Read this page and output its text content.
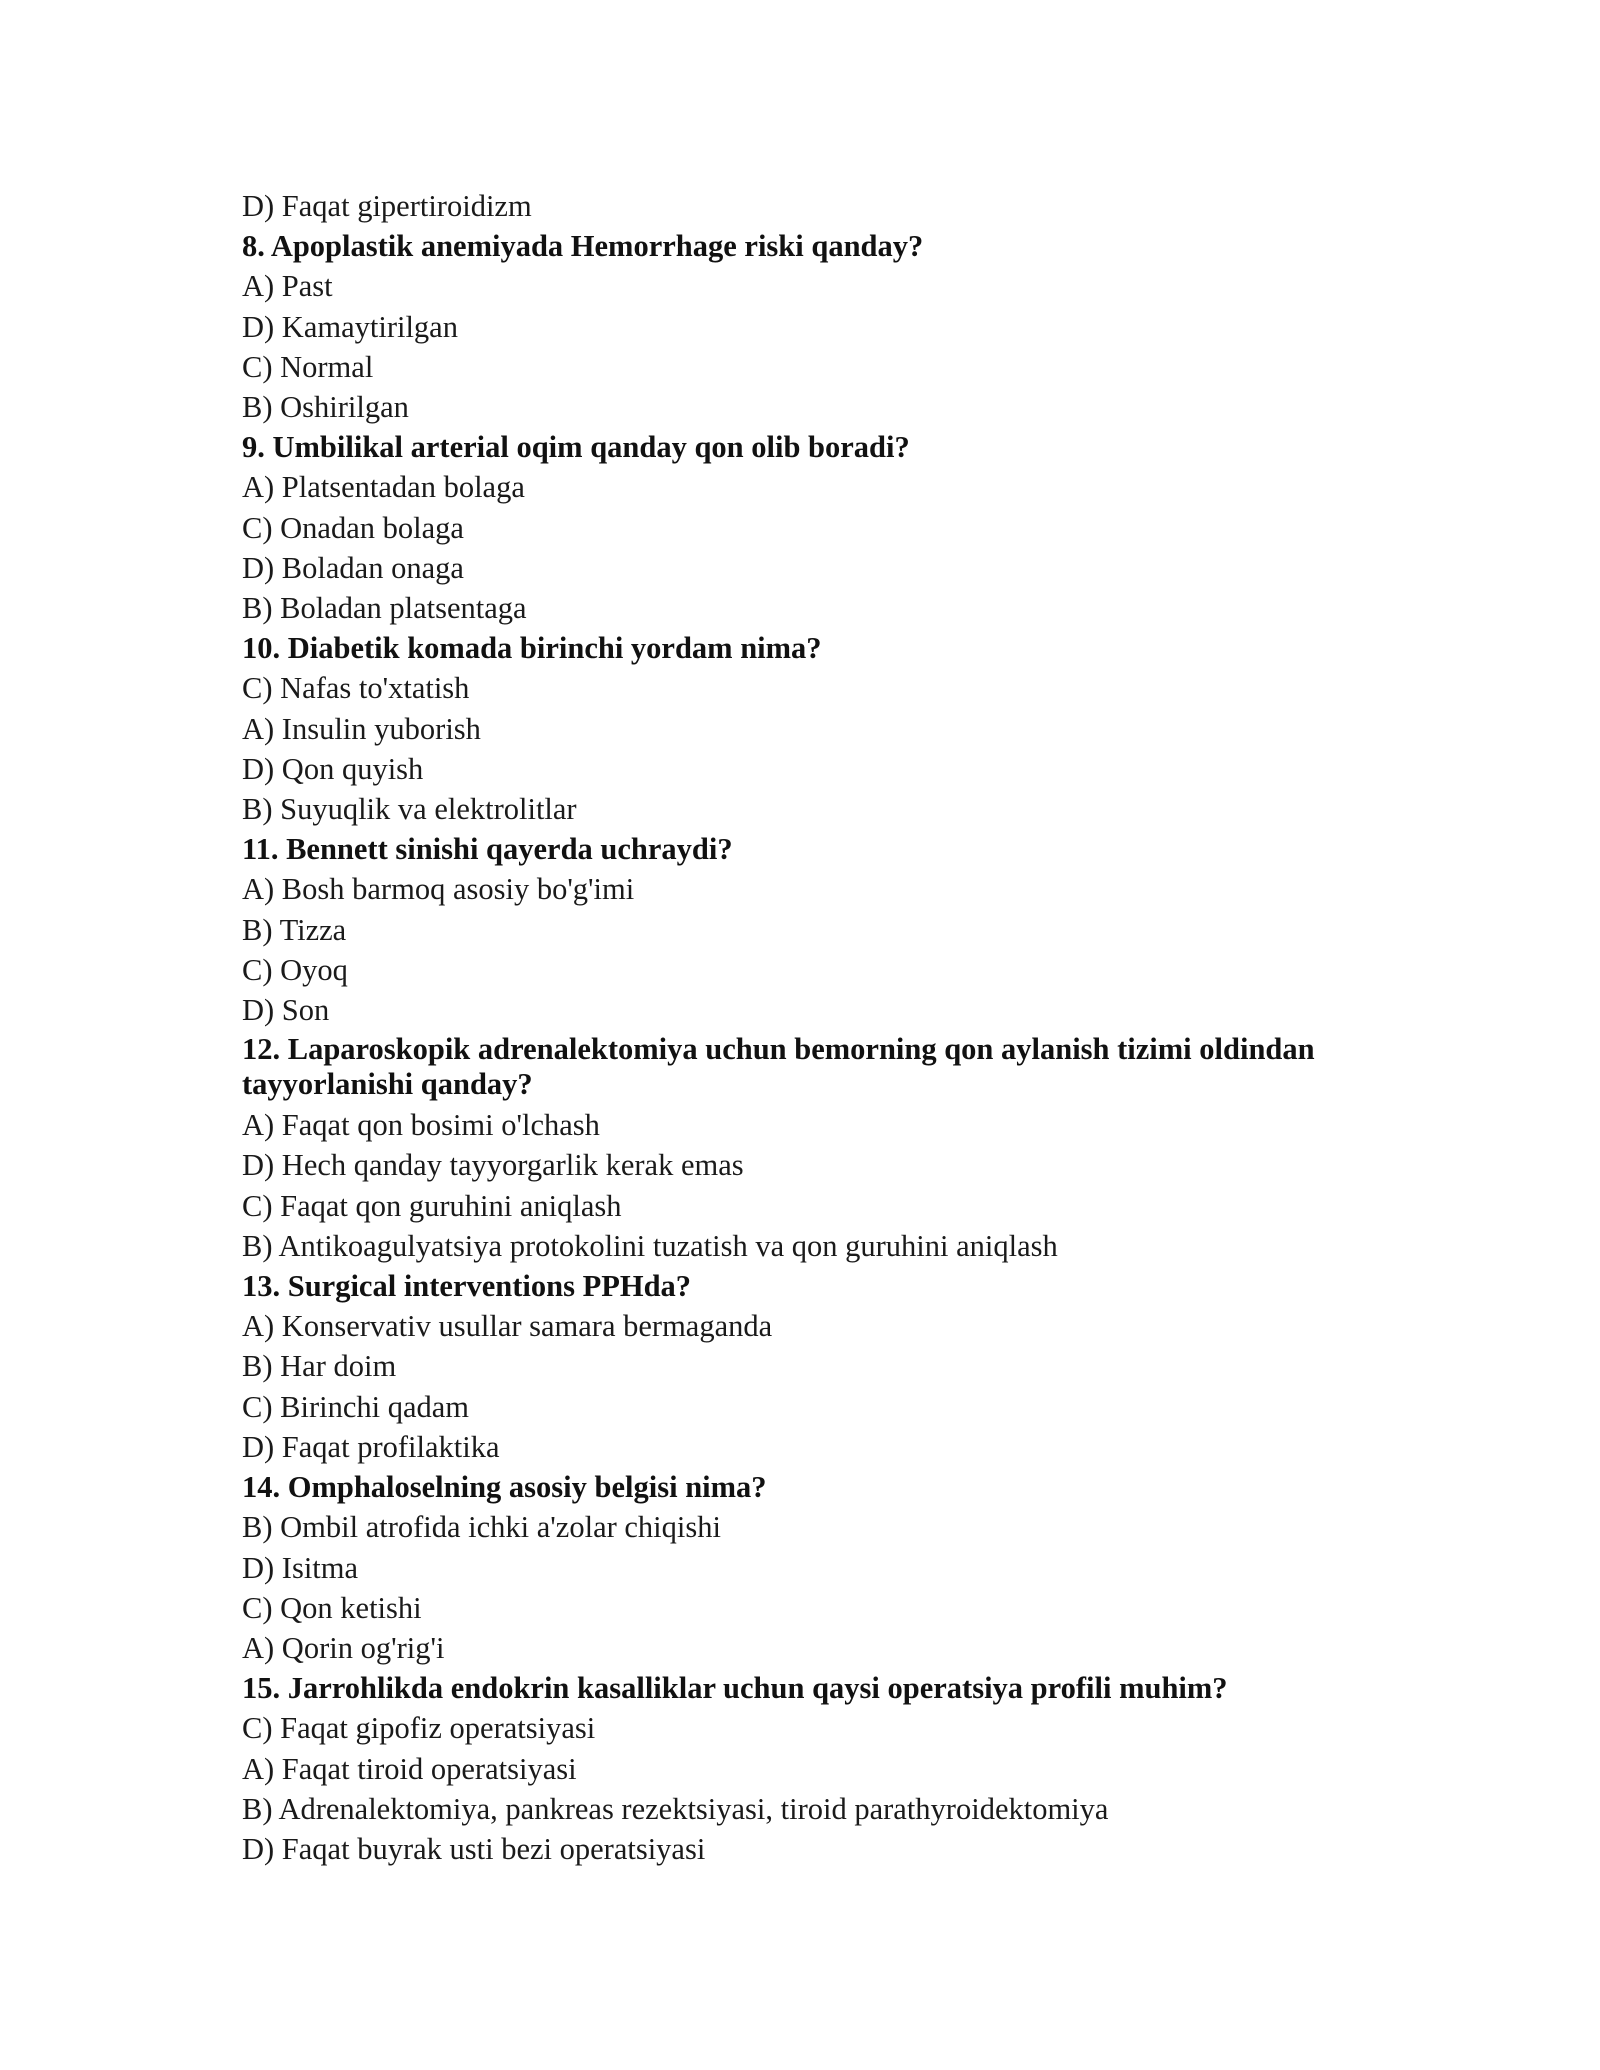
D) Faqat gipertiroidizm

8. Apoplastik anemiyada Hemorrhage riski qanday?

A) Past

D) Kamaytirilgan

C) Normal

B) Oshirilgan

9. Umbilikal arterial oqim qanday qon olib boradi?

A) Platsentadan bolaga

C) Onadan bolaga

D) Boladan onaga

B) Boladan platsentaga

10. Diabetik komada birinchi yordam nima?

C) Nafas to'xtatish

A) Insulin yuborish

D) Qon quyish

B) Suyuqlik va elektrolitlar

11. Bennett sinishi qayerda uchraydi?

A) Bosh barmoq asosiy bo'g'imi

B) Tizza

C) Oyoq

D) Son

12. Laparoskopik adrenalektomiya uchun bemorning qon aylanish tizimi oldindan tayyorlanishi qanday?

A) Faqat qon bosimi o'lchash

D) Hech qanday tayyorgarlik kerak emas

C) Faqat qon guruhini aniqlash

B) Antikoagulyatsiya protokolini tuzatish va qon guruhini aniqlash

13. Surgical interventions PPHda?

A) Konservativ usullar samara bermaganda

B) Har doim

C) Birinchi qadam

D) Faqat profilaktika

14. Omphaloselning asosiy belgisi nima?

B) Ombil atrofida ichki a'zolar chiqishi

D) Isitma

C) Qon ketishi

A) Qorin og'rig'i

15. Jarrohlikda endokrin kasalliklar uchun qaysi operatsiya profili muhim?

C) Faqat gipofiz operatsiyasi

A) Faqat tiroid operatsiyasi

B) Adrenalektomiya, pankreas rezektsiyasi, tiroid parathyroidektomiya

D) Faqat buyrak usti bezi operatsiyasi
